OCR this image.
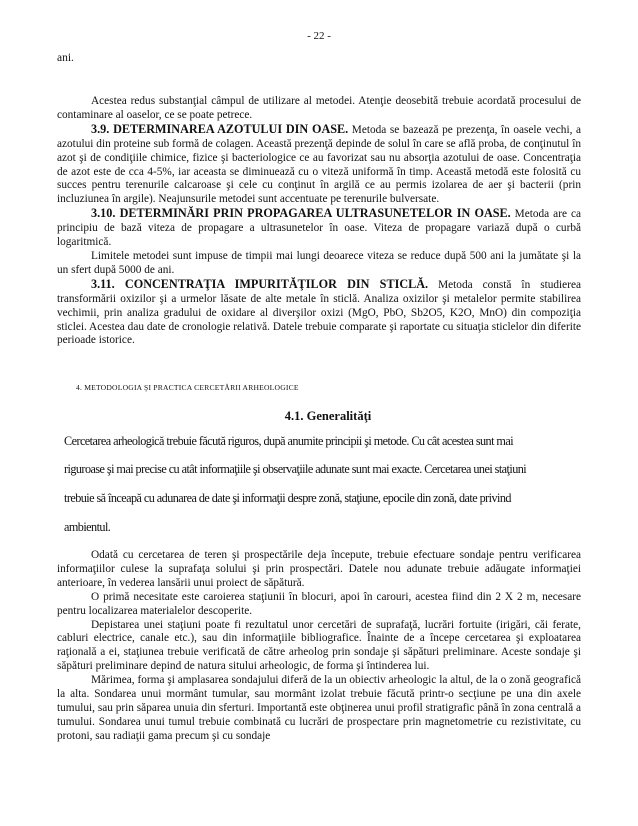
- 22 -
ani.

Acestea redus substanţial câmpul de utilizare al metodei. Atenţie deosebită trebuie acordată procesului de contaminare al oaselor, ce se poate petrece.

3.9. DETERMINAREA AZOTULUI DIN OASE. Metoda se bazează pe prezenţa, în oasele vechi, a azotului din proteine sub formă de colagen. Această prezenţă depinde de solul în care se află proba, de conţinutul în azot şi de condiţiile chimice, fizice şi bacteriologice ce au favorizat sau nu absorţia azotului de oase. Concentraţia de azot este de cca 4-5%, iar aceasta se diminuează cu o viteză uniformă în timp. Această metodă este folosită cu succes pentru terenurile calcaroase şi cele cu conţinut în argilă ce au permis izolarea de aer şi bacterii (prin incluziunea în argile). Neajunsurile metodei sunt accentuate pe terenurile bulversate.

3.10. DETERMINĂRI PRIN PROPAGAREA ULTRASUNETELOR IN OASE. Metoda are ca principiu de bază viteza de propagare a ultrasunetelor în oase. Viteza de propagare variază după o curbă logaritmică.

Limitele metodei sunt impuse de timpii mai lungi deoarece viteza se reduce după 500 ani la jumătate şi la un sfert după 5000 de ani.

3.11. CONCENTRAŢIA IMPURITĂŢILOR DIN STICLĂ. Metoda constă în studierea transformării oxizilor şi a urmelor lăsate de alte metale în sticlă. Analiza oxizilor şi metalelor permite stabilirea vechimii, prin analiza gradului de oxidare al diverşilor oxizi (MgO, PbO, Sb2O5, K2O, MnO) din compoziţia sticlei. Acestea dau date de cronologie relativă. Datele trebuie comparate şi raportate cu situaţia sticlelor din diferite perioade istorice.

4. METODOLOGIA ŞI PRACTICA CERCETĂRII ARHEOLOGICE
4.1. Generalităţi
Cercetarea arheologică trebuie făcută riguros, după anumite principii şi metode. Cu cât acestea sunt mai
riguroase şi mai precise cu atât informaţiile şi observaţiile adunate sunt mai exacte. Cercetarea unei staţiuni
trebuie să înceapă cu adunarea de date şi informaţii despre zonă, staţiune, epocile din zonă, date privind
ambientul.

Odată cu cercetarea de teren şi prospectările deja începute, trebuie efectuare sondaje pentru verificarea informaţiilor culese la suprafaţa solului şi prin prospectări. Datele nou adunate trebuie adăugate informaţiei anterioare, în vederea lansării unui proiect de săpătură.

O primă necesitate este caroierea staţiunii în blocuri, apoi în carouri, acestea fiind din 2 X 2 m, necesare pentru localizarea materialelor descoperite.

Depistarea unei staţiuni poate fi rezultatul unor cercetări de suprafaţă, lucrări fortuite (irigări, căi ferate, cabluri electrice, canale etc.), sau din informaţiile bibliografice. Înainte de a începe cercetarea şi exploatarea raţională a ei, staţiunea trebuie verificată de către arheolog prin sondaje şi săpături preliminare. Aceste sondaje şi săpături preliminare depind de natura sitului arheologic, de forma şi întinderea lui.

Mărimea, forma şi amplasarea sondajului diferă de la un obiectiv arheologic la altul, de la o zonă geografică la alta. Sondarea unui mormânt tumular, sau mormânt izolat trebuie făcută printr-o secţiune pe una din axele tumului, sau prin săparea unuia din sferturi. Importantă este obţinerea unui profil stratigrafic până în zona centrală a tumului. Sondarea unui tumul trebuie combinată cu lucrări de prospectare prin magnetometrie cu rezistivitate, cu protoni, sau radiaţii gama precum şi cu sondaje
